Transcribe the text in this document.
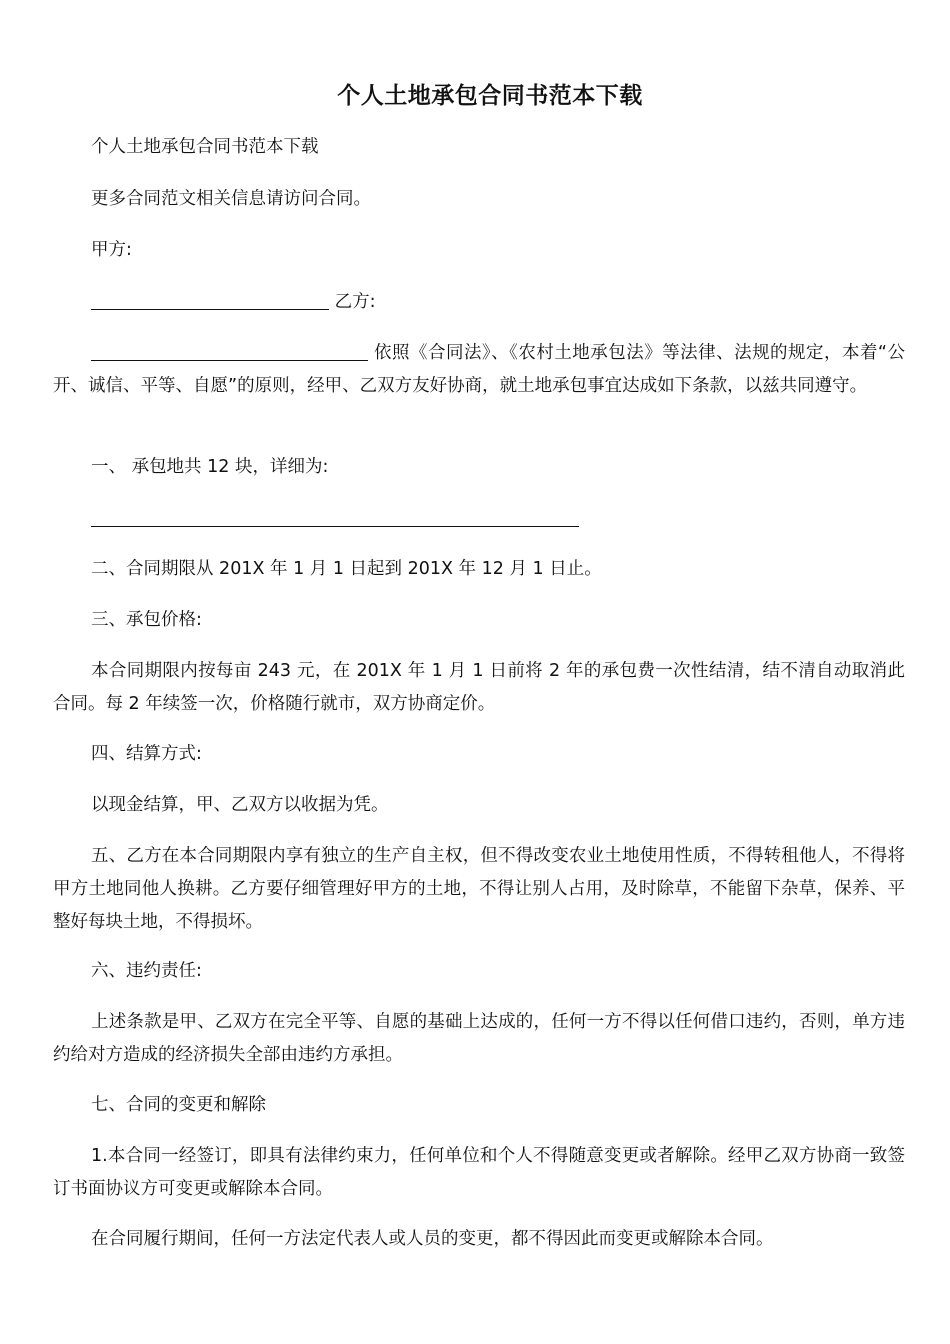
个人土地承包合同书范本下载
个人土地承包合同书范本下载
更多合同范文相关信息请访问合同。
甲方:
乙方:
依照《合同法》、《农村土地承包法》等法律、法规的规定，本着“公开、诚信、平等、自愿”的原则，经甲、乙双方友好协商，就土地承包事宜达成如下条款，以兹共同遵守。
一、 承包地共 12 块，详细为:
二、合同期限从 201X 年 1 月 1 日起到 201X 年 12 月 1 日止。
三、承包价格:
本合同期限内按每亩 243 元，在 201X 年 1 月 1 日前将 2 年的承包费一次性结清，结不清自动取消此合同。每 2 年续签一次，价格随行就市，双方协商定价。
四、结算方式:
以现金结算，甲、乙双方以收据为凭。
五、乙方在本合同期限内享有独立的生产自主权，但不得改变农业土地使用性质，不得转租他人，不得将甲方土地同他人换耕。乙方要仔细管理好甲方的土地，不得让别人占用，及时除草，不能留下杂草，保养、平整好每块土地，不得损坏。
六、违约责任:
上述条款是甲、乙双方在完全平等、自愿的基础上达成的，任何一方不得以任何借口违约，否则，单方违约给对方造成的经济损失全部由违约方承担。
七、合同的变更和解除
1.本合同一经签订，即具有法律约束力，任何单位和个人不得随意变更或者解除。经甲乙双方协商一致签订书面协议方可变更或解除本合同。
在合同履行期间，任何一方法定代表人或人员的变更，都不得因此而变更或解除本合同。
